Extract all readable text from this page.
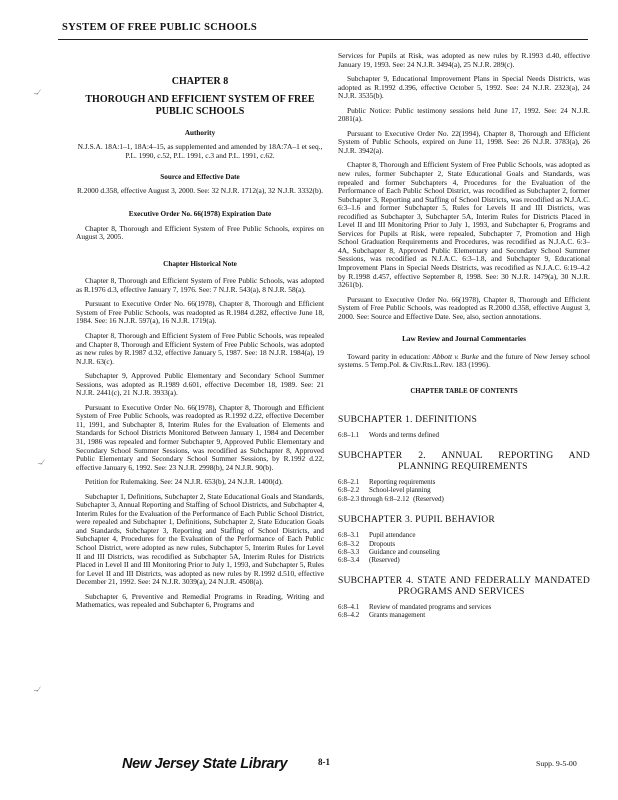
SYSTEM OF FREE PUBLIC SCHOOLS
–⁄
–⁄
–⁄
CHAPTER 8
THOROUGH AND EFFICIENT SYSTEM OF FREE PUBLIC SCHOOLS
Authority
N.J.S.A. 18A:1–1, 18A:4–15, as supplemented and amended by 18A:7A–1 et seq., P.L. 1990, c.52, P.L. 1991, c.3 and P.L. 1991, c.62.
Source and Effective Date
R.2000 d.358, effective August 3, 2000. See: 32 N.J.R. 1712(a), 32 N.J.R. 3332(b).
Executive Order No. 66(1978) Expiration Date

Chapter 8, Thorough and Efficient System of Free Public Schools, expires on August 3, 2005.

Chapter Historical Note

Chapter 8, Thorough and Efficient System of Free Public Schools, was adopted as R.1976 d.3, effective January 7, 1976. See: 7 N.J.R. 543(a), 8 N.J.R. 58(a).

Pursuant to Executive Order No. 66(1978), Chapter 8, Thorough and Efficient System of Free Public Schools, was readopted as R.1984 d.282, effective June 18, 1984. See: 16 N.J.R. 597(a), 16 N.J.R. 1719(a).

Chapter 8, Thorough and Efficient System of Free Public Schools, was repealed and Chapter 8, Thorough and Efficient System of Free Public Schools, was adopted as new rules by R.1987 d.32, effective January 5, 1987. See: 18 N.J.R. 1984(a), 19 N.J.R. 63(c).

Subchapter 9, Approved Public Elementary and Secondary School Summer Sessions, was adopted as R.1989 d.601, effective December 18, 1989. See: 21 N.J.R. 2441(c), 21 N.J.R. 3933(a).

Pursuant to Executive Order No. 66(1978), Chapter 8, Thorough and Efficient System of Free Public Schools, was readopted as R.1992 d.22, effective December 11, 1991, and Subchapter 8, Interim Rules for the Evaluation of Elements and Standards for School Districts Monitored Between January 1, 1984 and December 31, 1986 was repealed and former Subchapter 9, Approved Public Elementary and Secondary School Summer Sessions, was recodified as Subchapter 8, Approved Public Elementary and Secondary School Summer Sessions, by R.1992 d.22, effective January 6, 1992. See: 23 N.J.R. 2998(b), 24 N.J.R. 90(b).

Petition for Rulemaking. See: 24 N.J.R. 653(b), 24 N.J.R. 1400(d).

Subchapter 1, Definitions, Subchapter 2, State Educational Goals and Standards, Subchapter 3, Annual Reporting and Staffing of School Districts, and Subchapter 4, Interim Rules for the Evaluation of the Performance of Each Public School District, were repealed and Subchapter 1, Definitions, Subchapter 2, State Education Goals and Standards, Subchapter 3, Reporting and Staffing of School Districts, and Subchapter 4, Procedures for the Evaluation of the Performance of Each Public School District, were adopted as new rules, Subchapter 5, Interim Rules for Level II and III Districts, was recodified as Subchapter 5A, Interim Rules for Districts Placed in Level II and III Monitoring Prior to July 1, 1993, and Subchapter 5, Rules for Level II and III Districts, was adopted as new rules by R.1992 d.510, effective December 21, 1992. See: 24 N.J.R. 3039(a), 24 N.J.R. 4508(a).

Subchapter 6, Preventive and Remedial Programs in Reading, Writing and Mathematics, was repealed and Subchapter 6, Programs and

Services for Pupils at Risk, was adopted as new rules by R.1993 d.40, effective January 19, 1993. See: 24 N.J.R. 3494(a), 25 N.J.R. 289(c).

Subchapter 9, Educational Improvement Plans in Special Needs Districts, was adopted as R.1992 d.396, effective October 5, 1992. See: 24 N.J.R. 2323(a), 24 N.J.R. 3535(b).

Public Notice: Public testimony sessions held June 17, 1992. See: 24 N.J.R. 2081(a).

Pursuant to Executive Order No. 22(1994), Chapter 8, Thorough and Efficient System of Public Schools, expired on June 11, 1998. See: 26 N.J.R. 3783(a), 26 N.J.R. 3942(a).

Chapter 8, Thorough and Efficient System of Free Public Schools, was adopted as new rules, former Subchapter 2, State Educational Goals and Standards, was repealed and former Subchapters 4, Procedures for the Evaluation of the Performance of Each Public School District, was recodified as Subchapter 2, former Subchapter 3, Reporting and Staffing of School Districts, was recodified as N.J.A.C. 6:3–1.6 and former Subchapter 5, Rules for Levels II and III Districts, was recodified as Subchapter 3, Subchapter 5A, Interim Rules for Districts Placed in Level II and III Monitoring Prior to July 1, 1993, and Subchapter 6, Programs and Services for Pupils at Risk, were repealed, Subchapter 7, Promotion and High School Graduation Requirements and Procedures, was recodified as N.J.A.C. 6:3–4A, Subchapter 8, Approved Public Elementary and Secondary School Summer Sessions, was recodified as N.J.A.C. 6:3–1.8, and Subchapter 9, Educational Improvement Plans in Special Needs Districts, was recodified as N.J.A.C. 6:19–4.2 by R.1998 d.457, effective September 8, 1998. See: 30 N.J.R. 1479(a), 30 N.J.R. 3261(b).

Pursuant to Executive Order No. 66(1978), Chapter 8, Thorough and Efficient System of Free Public Schools, was readopted as R.2000 d.358, effective August 3, 2000. See: Source and Effective Date. See, also, section annotations.

Law Review and Journal Commentaries

Toward parity in education: Abbott v. Burke and the future of New Jersey school systems. 5 Temp.Pol. & Civ.Rts.L.Rev. 183 (1996).

CHAPTER TABLE OF CONTENTS
SUBCHAPTER 1. DEFINITIONS
6:8–1.1	Words and terms defined
SUBCHAPTER 2. ANNUAL REPORTING AND PLANNING REQUIREMENTS
6:8–2.1	Reporting requirements
6:8–2.2	School-level planning
6:8–2.3 through 6:8–2.12 (Reserved)
SUBCHAPTER 3. PUPIL BEHAVIOR
6:8–3.1	Pupil attendance
6:8–3.2	Dropouts
6:8–3.3	Guidance and counseling
6:8–3.4	(Reserved)
SUBCHAPTER 4. STATE AND FEDERALLY MANDATED PROGRAMS AND SERVICES
6:8–4.1	Review of mandated programs and services
6:8–4.2	Grants management
New Jersey State Library	8-1	Supp. 9-5-00
